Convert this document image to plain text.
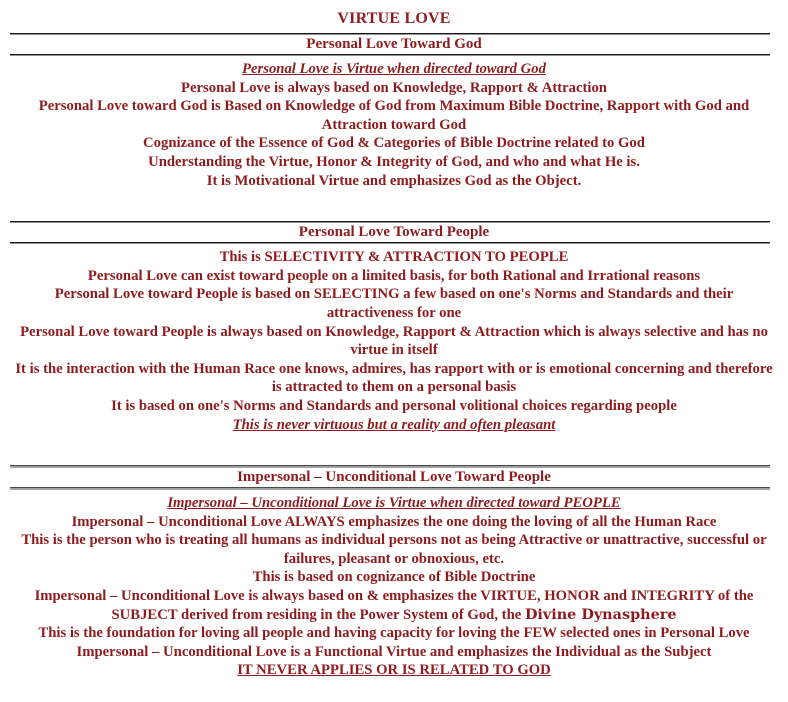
VIRTUE LOVE
Personal Love Toward God

Personal Love is Virtue when directed toward God

Personal Love is always based on Knowledge, Rapport & Attraction

Personal Love toward God is Based on Knowledge of God from Maximum Bible Doctrine, Rapport with God and Attraction toward God

Cognizance of the Essence of God & Categories of Bible Doctrine related to God

Understanding the Virtue, Honor & Integrity of God, and who and what He is.

It is Motivational Virtue and emphasizes God as the Object.

Personal Love Toward People

This is SELECTIVITY & ATTRACTION TO PEOPLE

Personal Love can exist toward people on a limited basis, for both Rational and Irrational reasons

Personal Love toward People is based on SELECTING a few based on one's Norms and Standards and their attractiveness for one

Personal Love toward People is always based on Knowledge, Rapport & Attraction which is always selective and has no virtue in itself

It is the interaction with the Human Race one knows, admires, has rapport with or is emotional concerning and therefore is attracted to them on a personal basis

It is based on one's Norms and Standards and personal volitional choices regarding people

This is never virtuous but a reality and often pleasant

Impersonal – Unconditional Love Toward People

Impersonal – Unconditional Love is Virtue when directed toward PEOPLE

Impersonal – Unconditional Love ALWAYS emphasizes the one doing the loving of all the Human Race

This is the person who is treating all humans as individual persons not as being Attractive or unattractive, successful or failures, pleasant or obnoxious, etc.

This is based on cognizance of Bible Doctrine

Impersonal – Unconditional Love is always based on & emphasizes the VIRTUE, HONOR and INTEGRITY of the SUBJECT derived from residing in the Power System of God, the Divine Dynasphere

This is the foundation for loving all people and having capacity for loving the FEW selected ones in Personal Love

Impersonal – Unconditional Love is a Functional Virtue and emphasizes the Individual as the Subject

IT NEVER APPLIES OR IS RELATED TO GOD
